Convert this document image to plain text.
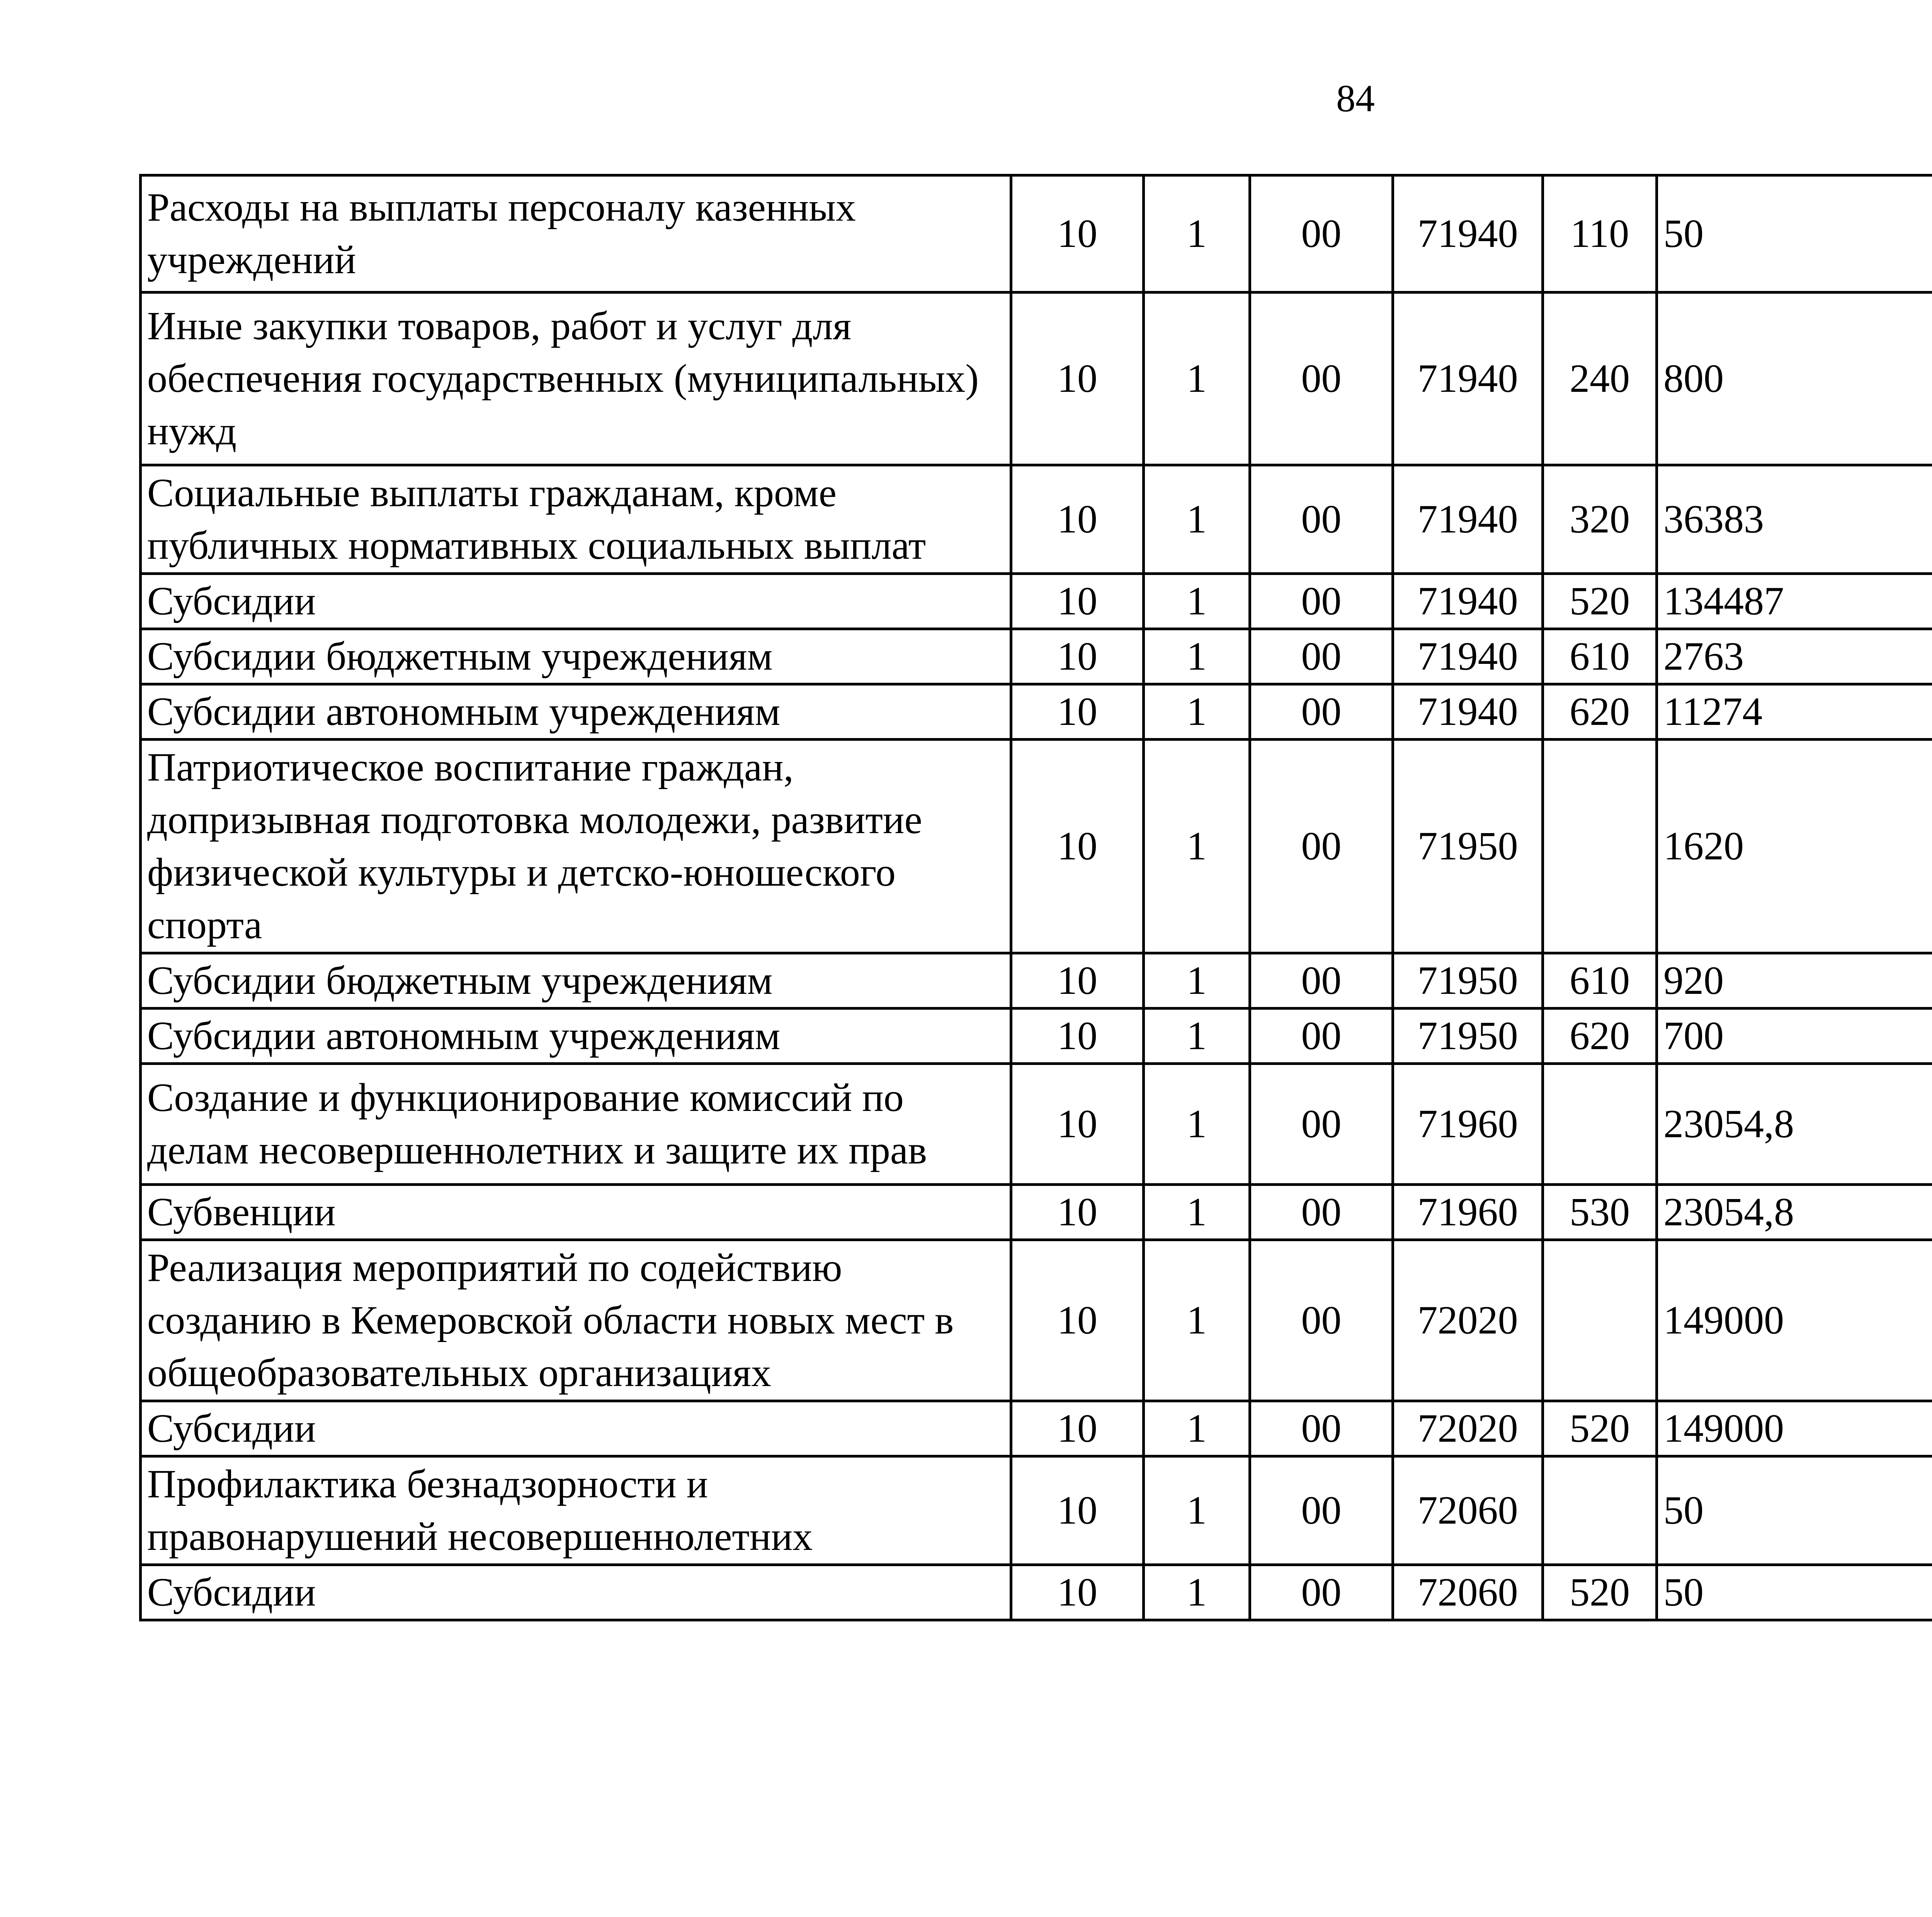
84
Расходы на выплаты персоналу казенных учреждений	10	1	00	71940	110	50		
Иные закупки товаров, работ и услуг для обеспечения государственных (муниципальных) нужд	10	1	00	71940	240	800		
Социальные выплаты гражданам, кроме публичных нормативных социальных выплат	10	1	00	71940	320	36383		
Субсидии	10	1	00	71940	520	134487		
Субсидии бюджетным учреждениям	10	1	00	71940	610	2763		
Субсидии автономным учреждениям	10	1	00	71940	620	11274		
Патриотическое воспитание граждан, допризывная подготовка молодежи, развитие физической культуры и детско-юношеского спорта	10	1	00	71950		1620		
Субсидии бюджетным учреждениям	10	1	00	71950	610	920		
Субсидии автономным учреждениям	10	1	00	71950	620	700		
Создание и функционирование комиссий по делам несовершеннолетних и защите их прав	10	1	00	71960		23054,8		
Субвенции	10	1	00	71960	530	23054,8		
Реализация мероприятий по содействию созданию в Кемеровской области новых мест в общеобразовательных организациях	10	1	00	72020		149000		
Субсидии	10	1	00	72020	520	149000		
Профилактика безнадзорности и правонарушений несовершеннолетних	10	1	00	72060		50		
Субсидии	10	1	00	72060	520	50		
